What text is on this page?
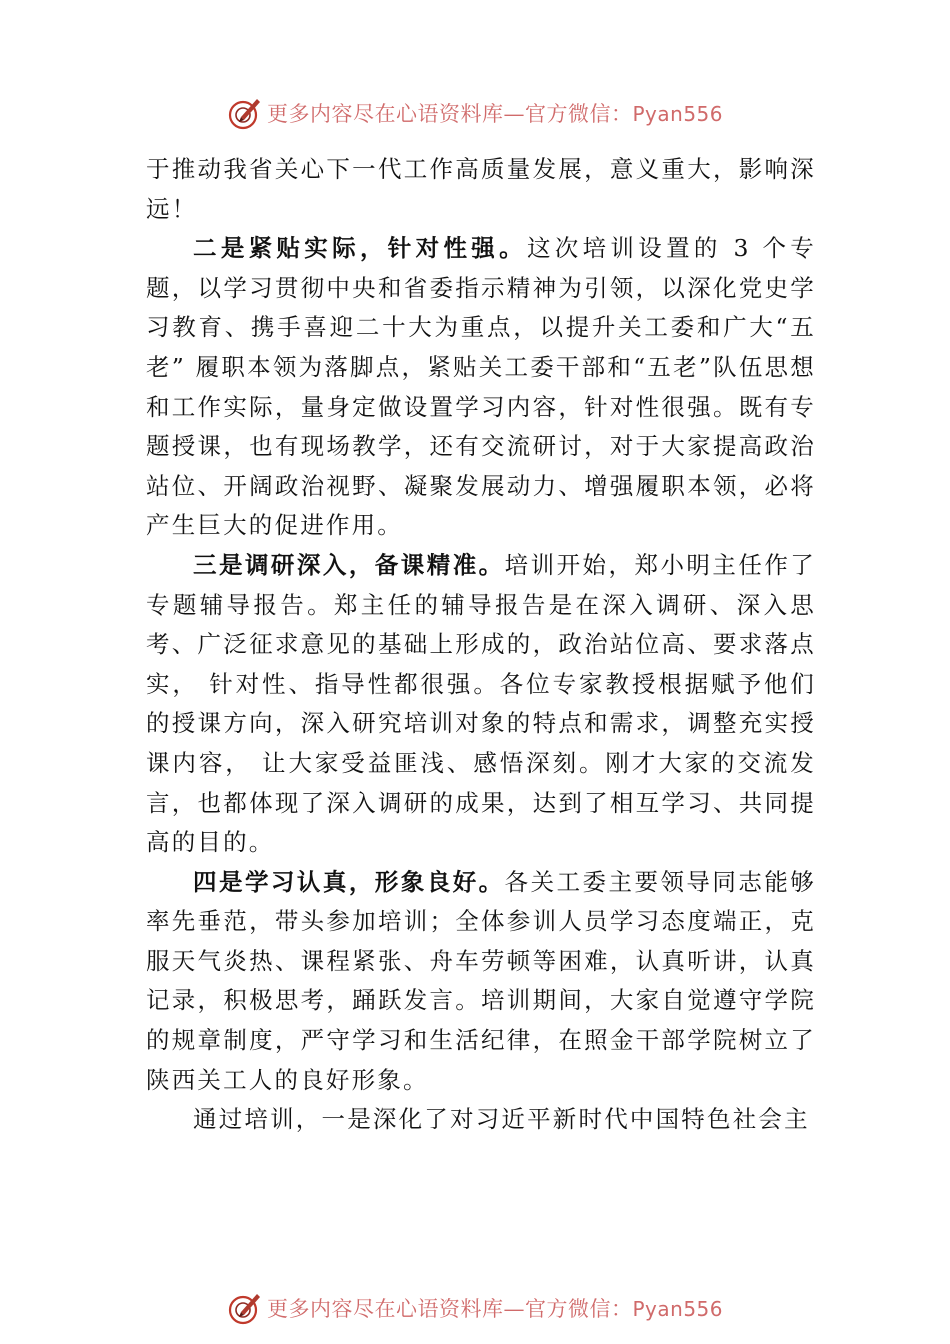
更多内容尽在心语资料库—官方微信：Pyan556

于推动我省关心下一代工作高质量发展，意义重大，影响深远！

二是紧贴实际，针对性强。这次培训设置的 3 个专题，以学习贯彻中央和省委指示精神为引领，以深化党史学习教育、携手喜迎二十大为重点，以提升关工委和广大“五老” 履职本领为落脚点，紧贴关工委干部和“五老”队伍思想和工作实际，量身定做设置学习内容，针对性很强。既有专题授课，也有现场教学，还有交流研讨，对于大家提高政治站位、开阔政治视野、凝聚发展动力、增强履职本领，必将产生巨大的促进作用。

三是调研深入，备课精准。培训开始，郑小明主任作了专题辅导报告。郑主任的辅导报告是在深入调研、深入思考、广泛征求意见的基础上形成的，政治站位高、要求落点实， 针对性、指导性都很强。各位专家教授根据赋予他们的授课方向，深入研究培训对象的特点和需求，调整充实授课内容， 让大家受益匪浅、感悟深刻。刚才大家的交流发言，也都体现了深入调研的成果，达到了相互学习、共同提高的目的。

四是学习认真，形象良好。各关工委主要领导同志能够率先垂范，带头参加培训；全体参训人员学习态度端正，克服天气炎热、课程紧张、舟车劳顿等困难，认真听讲，认真记录，积极思考，踊跃发言。培训期间，大家自觉遵守学院的规章制度，严守学习和生活纪律，在照金干部学院树立了陕西关工人的良好形象。

通过培训，一是深化了对习近平新时代中国特色社会主

更多内容尽在心语资料库—官方微信：Pyan556
